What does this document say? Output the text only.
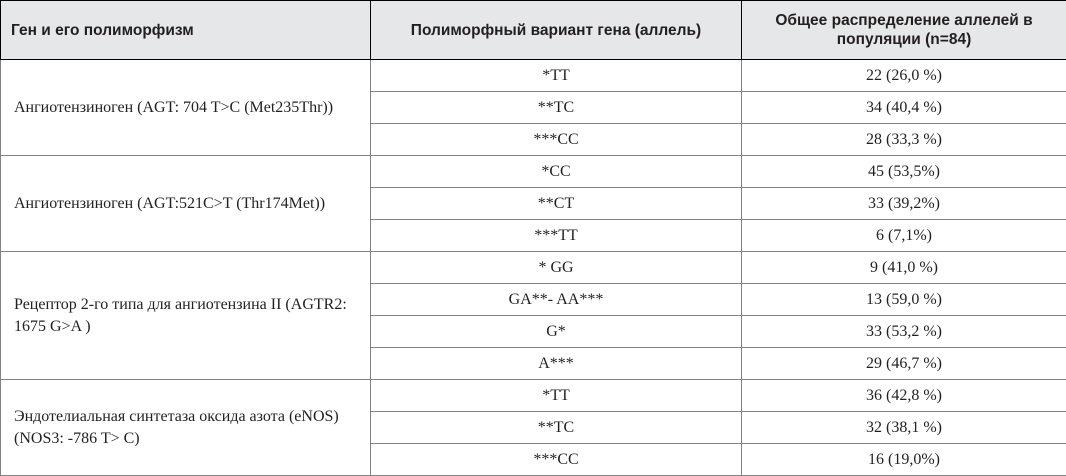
Ген и его полиморфизм	Полиморфный вариант гена (аллель)	Общее распределение аллелей в популяции (n=84)
Ангиотензиноген (AGT: 704 T>C (Met235Thr))	*TT	22 (26,0 %)
	**TC	34 (40,4 %)
	***CC	28 (33,3 %)
Ангиотензиноген (AGT:521C>T (Thr174Met))	*CC	45 (53,5%)
	**CT	33 (39,2%)
	***TT	6 (7,1%)
Рецептор 2-го типа для ангиотензина II (AGTR2: 1675 G>A )	* GG	9 (41,0 %)
	GA**- AA***	13 (59,0 %)
	G*	33 (53,2 %)
	A***	29 (46,7 %)
Эндотелиальная синтетаза оксида азота (eNOS) (NOS3: -786 T> C)	*TT	36 (42,8 %)
	**TC	32 (38,1 %)
	***CC	16 (19,0%)
